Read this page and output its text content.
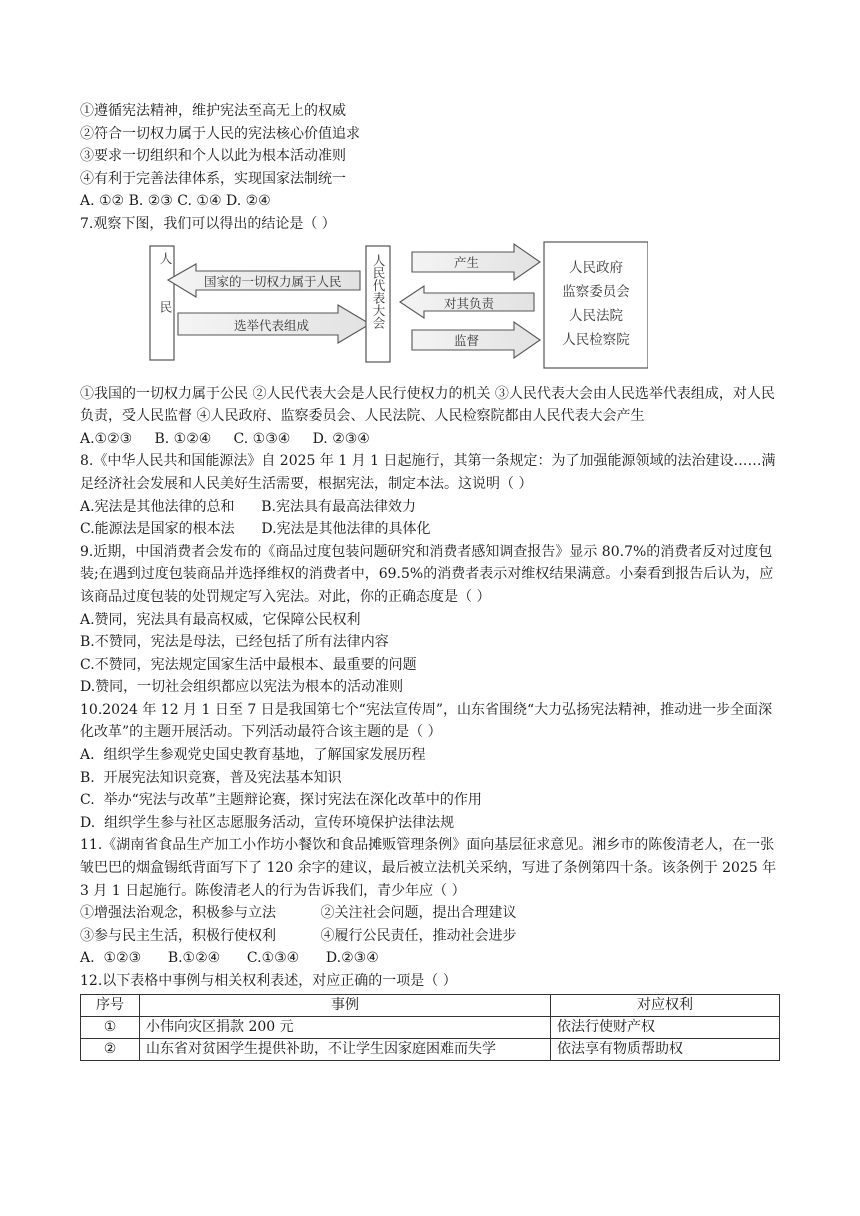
①遵循宪法精神，维护宪法至高无上的权威
②符合一切权力属于人民的宪法核心价值追求
③要求一切组织和个人以此为根本活动准则
④有利于完善法律体系，实现国家法制统一
A. ①② B. ②③ C. ①④ D. ②④
7.观察下图，我们可以得出的结论是（ ）
人民 国家的一切权力属于人民
选举代表组成	人民代表大会	产生
对其负责
监督
人民政府
监察委员会
人民法院
人民检察院
①我国的一切权力属于公民 ②人民代表大会是人民行使权力的机关 ③人民代表大会由人民选举代表组成，对人民负责，受人民监督 ④人民政府、监察委员会、人民法院、人民检察院都由人民代表大会产生
A.①②③     B. ①②④     C. ①③④     D. ②③④
8.《中华人民共和国能源法》自 2025 年 1 月 1 日起施行，其第一条规定：为了加强能源领域的法治建设……满足经济社会发展和人民美好生活需要，根据宪法，制定本法。这说明（ ）
A.宪法是其他法律的总和      B.宪法具有最高法律效力
C.能源法是国家的根本法      D.宪法是其他法律的具体化
9.近期，中国消费者会发布的《商品过度包装问题研究和消费者感知调查报告》显示 80.7%的消费者反对过度包装;在遇到过度包装商品并选择维权的消费者中，69.5%的消费者表示对维权结果满意。小秦看到报告后认为，应该商品过度包装的处罚规定写入宪法。对此，你的正确态度是（ ）
A.赞同，宪法具有最高权威，它保障公民权利
B.不赞同，宪法是母法，已经包括了所有法律内容
C.不赞同，宪法规定国家生活中最根本、最重要的问题
D.赞同，一切社会组织都应以宪法为根本的活动准则
10.2024 年 12 月 1 日至 7 日是我国第七个“宪法宣传周”，山东省围绕“大力弘扬宪法精神，推动进一步全面深化改革”的主题开展活动。下列活动最符合该主题的是（ ）
A.  组织学生参观党史国史教育基地，了解国家发展历程
B.  开展宪法知识竞赛，普及宪法基本知识
C.  举办“宪法与改革”主题辩论赛，探讨宪法在深化改革中的作用
D.  组织学生参与社区志愿服务活动，宣传环境保护法律法规
11.《湖南省食品生产加工小作坊小餐饮和食品摊贩管理条例》面向基层征求意见。湘乡市的陈俊清老人，在一张皱巴巴的烟盒锡纸背面写下了 120 余字的建议，最后被立法机关采纳，写进了条例第四十条。该条例于 2025 年 3 月 1 日起施行。陈俊清老人的行为告诉我们，青少年应（ ）
①增强法治观念，积极参与立法          ②关注社会问题，提出合理建议
③参与民主生活，积极行使权利          ④履行公民责任，推动社会进步
A.  ①②③      B.①②④      C.①③④      D.②③④
12.以下表格中事例与相关权利表述，对应正确的一项是（ ）
序号	事例	对应权利
①	小伟向灾区捐款 200 元	依法行使财产权
②	山东省对贫困学生提供补助，不让学生因家庭困难而失学	依法享有物质帮助权
